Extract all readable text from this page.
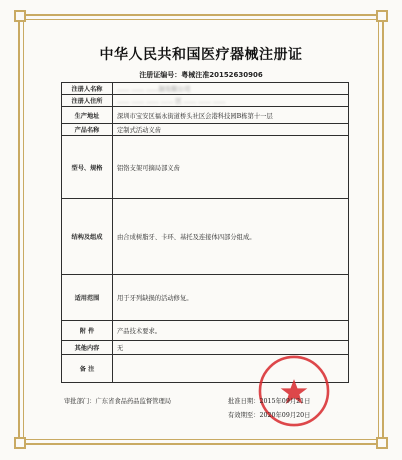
中华人民共和国医疗器械注册证
注册证编号：粤械注准20152630906
注册人名称	…… …… ……制有限公司
注册人住所	…… …… …… …… 区 …… …… ……
生产地址	深圳市宝安区福永街道桥头社区会港科技园B栋第十一层
产品名称	定制式活动义齿
型号、规格	铝铬支架可摘局部义齿
结构及组成	由合成树脂牙、卡环、基托及连接体四部分组成。
适用范围	用于牙列缺损的活动修复。
附 件	产品技术要求。
其他内容	无
备 注	
审批部门：广东省食品药品监督管理局	批准日期：2015年09月21日
有效期至：2020年09月20日
